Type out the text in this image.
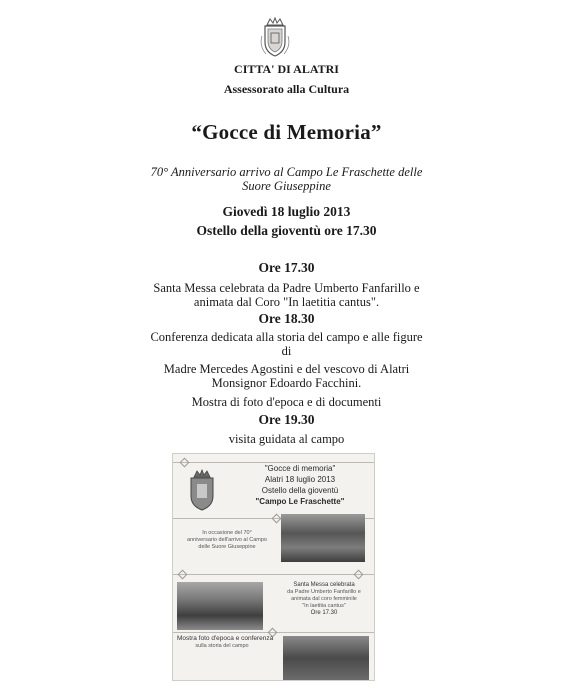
CITTA' DI ALATRI
Assessorato alla Cultura
“Gocce di Memoria”
70° Anniversario arrivo al Campo Le Fraschette delle
Suore Giuseppine
Giovedì 18 luglio 2013
Ostello della gioventù ore 17.30
Ore 17.30
Santa Messa celebrata da Padre Umberto Fanfarillo e
animata dal Coro "In laetitia cantus".
Ore 18.30
Conferenza dedicata alla storia del campo e alle figure
di
Madre Mercedes Agostini e del vescovo di Alatri
Monsignor Edoardo Facchini.
Mostra di foto d'epoca e di documenti
Ore 19.30
visita guidata al campo
"Gocce di memoria"
Alatri 18 luglio 2013
Ostello della gioventù
"Campo Le Fraschette"
In occasione del 70°
anniversario dell'arrivo al Campo
delle Suore Giuseppine
Santa Messa celebrata
da Padre Umberto Fanfarillo e
animata dal coro femminile
"In laetitia cantus"
Ore 17.30
Mostra foto d'epoca e conferenza
sulla storia del campo
